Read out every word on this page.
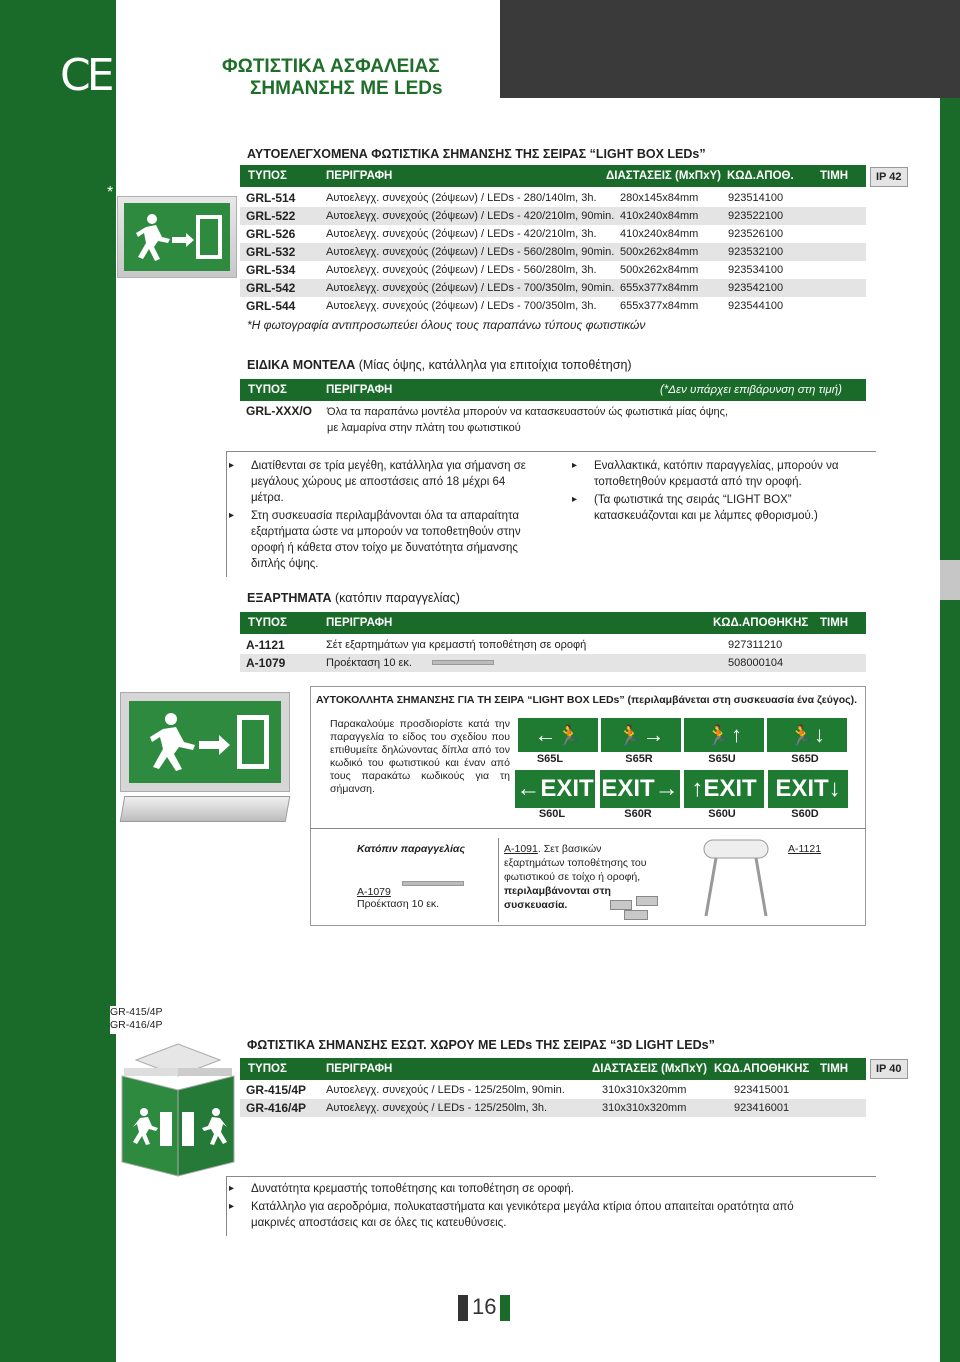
CE	ΦΩΤΙΣΤΙΚΑ ΑΣΦΑΛΕΙΑΣ
ΣΗΜΑΝΣΗΣ ΜΕ LEDs
ΑΥΤΟΕΛΕΓΧΟΜΕΝΑ ΦΩΤΙΣΤΙΚΑ ΣΗΜΑΝΣΗΣ ΤΗΣ ΣΕΙΡΑΣ “LIGHT BOX LEDs”
*
ΤΥΠΟΣ	ΠΕΡΙΓΡΑΦΗ	ΔΙΑΣΤΑΣΕΙΣ (ΜxΠxΥ) ΚΩΔ.ΑΠΟΘ. ΤΙΜΗ	IP 42
GRL-514	Αυτοελεγχ. συνεχούς (2όψεων) / LEDs - 280/140lm, 3h. 280x145x84mm	923514100
GRL-522	Αυτοελεγχ. συνεχούς (2όψεων) / LEDs - 420/210lm, 90min. 410x240x84mm	923522100
GRL-526	Αυτοελεγχ. συνεχούς (2όψεων) / LEDs - 420/210lm, 3h. 410x240x84mm	923526100
GRL-532	Αυτοελεγχ. συνεχούς (2όψεων) / LEDs - 560/280lm, 90min. 500x262x84mm	923532100
GRL-534	Αυτοελεγχ. συνεχούς (2όψεων) / LEDs - 560/280lm, 3h. 500x262x84mm	923534100
GRL-542	Αυτοελεγχ. συνεχούς (2όψεων) / LEDs - 700/350lm, 90min. 655x377x84mm	923542100
GRL-544	Αυτοελεγχ. συνεχούς (2όψεων) / LEDs - 700/350lm, 3h. 655x377x84mm	923544100
*Η φωτογραφία αντιπροσωπεύει όλους τους παραπάνω τύπους φωτιστικών
ΕΙΔΙΚΑ ΜΟΝΤΕΛΑ (Μίας όψης, κατάλληλα για επιτοίχια τοποθέτηση)
ΤΥΠΟΣ	ΠΕΡΙΓΡΑΦΗ	(*Δεν υπάρχει επιβάρυνση στη τιμή)
GRL-XXX/O Όλα τα παραπάνω μοντέλα μπορούν να κατασκευαστούν ώς φωτιστικά μίας όψης,
με λαμαρίνα στην πλάτη του φωτιστικού
▸ Διατίθενται σε τρία μεγέθη, κατάλληλα για σήμανση σε μεγάλους χώρους με αποστάσεις από 18 μέχρι 64 μέτρα.
▸ Στη συσκευασία περιλαμβάνονται όλα τα απαραίτητα εξαρτήματα ώστε να μπορούν να τοποθετηθούν στην οροφή ή κάθετα στον τοίχο με δυνατότητα σήμανσης διπλής όψης.
▸ Εναλλακτικά, κατόπιν παραγγελίας, μπορούν να τοποθετηθούν κρεμαστά από την οροφή.
▸ (Τα φωτιστικά της σειράς “LIGHT BOX” κατασκευάζονται και με λάμπες φθορισμού.)
ΕΞΑΡΤΗΜΑΤΑ (κατόπιν παραγγελίας)
ΤΥΠΟΣ	ΠΕΡΙΓΡΑΦΗ	ΚΩΔ.ΑΠΟΘΗΚΗΣ ΤΙΜΗ
A-1121	Σέτ εξαρτημάτων για κρεμαστή τοποθέτηση σε οροφή	927311210
A-1079	Προέκταση 10 εκ.	508000104
ΑΥΤΟΚΟΛΛΗΤΑ ΣΗΜΑΝΣΗΣ ΓΙΑ ΤΗ ΣΕΙΡΑ “LIGHT BOX LEDs” (περιλαμβάνεται στη συσκευασία ένα ζεύγος).
Παρακαλούμε προσδιορίστε κατά την παραγγελία το είδος του σχεδίου που επιθυμείτε δηλώνοντας δίπλα από τον κωδικό του φωτιστικού και έναν από τους παρακάτω κωδικούς για τη σήμανση.
←🏃	🏃→	🏃↑	🏃↓
S65L	S65R	S65U	S65D
←EXIT EXIT→ ↑EXIT EXIT↓
S60L	S60R	S60U	S60D
Κατόπιν παραγγελίας
A-1079
Προέκταση 10 εκ.
A-1091. Σετ βασικών εξαρτημάτων τοποθέτησης του φωτιστικού σε τοίχο ή οροφή, περιλαμβάνονται στη συσκευασία.
A-1121
GR-415/4P
GR-416/4P
ΦΩΤΙΣΤΙΚΑ ΣΗΜΑΝΣΗΣ ΕΣΩΤ. ΧΩΡΟΥ ΜΕ LEDs ΤΗΣ ΣΕΙΡΑΣ “3D LIGHT LEDs”
ΤΥΠΟΣ	ΠΕΡΙΓΡΑΦΗ	ΔΙΑΣΤΑΣΕΙΣ (ΜxΠxΥ) ΚΩΔ.ΑΠΟΘΗΚΗΣ ΤΙΜΗ	IP 40
GR-415/4P Αυτοελεγχ. συνεχούς / LEDs - 125/250lm, 90min.	310x310x320mm	923415001
GR-416/4P Αυτοελεγχ. συνεχούς / LEDs - 125/250lm, 3h.	310x310x320mm	923416001
▸ Δυνατότητα κρεμαστής τοποθέτησης και τοποθέτηση σε οροφή.
▸ Κατάλληλο για αεροδρόμια, πολυκαταστήματα και γενικότερα μεγάλα κτίρια όπου απαιτείται ορατότητα από μακρινές αποστάσεις και σε όλες τις κατευθύνσεις.
16
